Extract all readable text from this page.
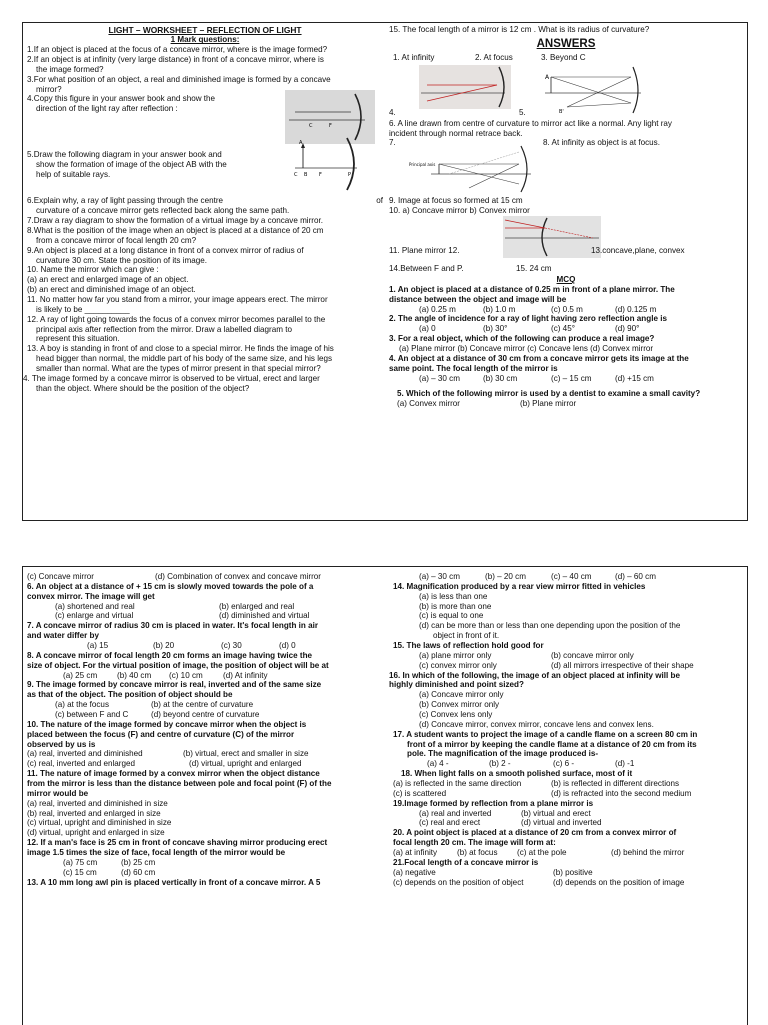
LIGHT – WORKSHEET – REFLECTION OF LIGHT
1 Mark questions:
1.If an object is placed at the focus of a concave mirror, where is the image formed?
2.If an object is at infinity (very large distance) in front of a concave mirror, where is
the image formed?
3.For what position of an object, a real and diminished image is formed by a concave
mirror?
4.Copy this figure in your answer book and show the
direction of the light ray after reflection :
C	F
5.Draw the following diagram in your answer book and
show the formation of image of the object AB with the
help of suitable rays.
A
C B F	P
6.Explain why, a ray of light passing through the centre	of
curvature of a concave mirror gets reflected back along the same path.
7.Draw a ray diagram to show the formation of a virtual image by a concave mirror.
8.What is the position of the image when an object is placed at a distance of 20 cm
from a concave mirror of focal length 20 cm?
9.An object is placed at a long distance in front of a convex mirror of radius of
curvature 30 cm. State the position of its image.
10. Name the mirror which can give :
(a) an erect and enlarged image of an object.
(b) an erect and diminished image of an object.
11. No matter how far you stand from a mirror, your image appears erect. The mirror
is likely to be __________
12. A ray of light going towards the focus of a convex mirror becomes parallel to the
principal axis after reflection from the mirror. Draw a labelled diagram to
represent this situation.
13. A boy is standing in front of and close to a special mirror. He finds the image of his
head bigger than normal, the middle part of his body of the same size, and his legs
smaller than normal. What are the types of mirror present in that special mirror?
4. The image formed by a concave mirror is observed to be virtual, erect and larger
than the object. Where should be the position of the object?
15. The focal length of a mirror is 12 cm . What is its radius of curvature?
ANSWERS
1. At infinity	2. At focus	3. Beyond C
A
B'
4.	5.
6. A line drawn from centre of curvature to mirror act like a normal. Any light ray
incident through normal retrace back.
7.	8. At infinity as object is at focus.
Principal axis
9. Image at focus so formed at 15 cm
10. a) Concave mirror b) Convex mirror
11. Plane mirror 12.	13.concave,plane, convex
14.Between F and P.	15. 24 cm
MCQ
1. An object is placed at a distance of 0.25 m in front of a plane mirror. The
distance between the object and image will be
(a) 0.25 m	(b) 1.0 m	(c) 0.5 m	(d) 0.125 m
2. The angle of incidence for a ray of light having zero reflection angle is
(a) 0	(b) 30°	(c) 45°	(d) 90°
3. For a real object, which of the following can produce a real image?
(a) Plane mirror (b) Concave mirror (c) Concave lens (d) Convex mirror
4. An object at a distance of 30 cm from a concave mirror gets its image at the
same point. The focal length of the mirror is
(a) – 30 cm	(b) 30 cm	(c) – 15 cm	(d) +15 cm
5. Which of the following mirror is used by a dentist to examine a small cavity?
(a) Convex mirror	(b) Plane mirror
(c) Concave mirror	(d) Combination of convex and concave mirror
6. An object at a distance of + 15 cm is slowly moved towards the pole of a
convex mirror. The image will get
(a) shortened and real	(b) enlarged and real
(c) enlarge and virtual	(d) diminished and virtual
7. A concave mirror of radius 30 cm is placed in water. It's focal length in air
and water differ by
(a) 15	(b) 20	(c) 30	(d) 0
8. A concave mirror of focal length 20 cm forms an image having twice the
size of object. For the virtual position of image, the position of object will be at
(a) 25 cm	(b) 40 cm	(c) 10 cm	(d) At infinity
9. The image formed by concave mirror is real, inverted and of the same size
as that of the object. The position of object should be
(a) at the focus	(b) at the centre of curvature
(c) between F and C	(d) beyond centre of curvature
10. The nature of the image formed by concave mirror when the object is
placed between the focus (F) and centre of curvature (C) of the mirror
observed by us is
(a) real, inverted and diminished	(b) virtual, erect and smaller in size
(c) real, inverted and enlarged	(d) virtual, upright and enlarged
11. The nature of image formed by a convex mirror when the object distance
from the mirror is less than the distance between pole and focal point (F) of the
mirror would be
(a) real, inverted and diminished in size
(b) real, inverted and enlarged in size
(c) virtual, upright and diminished in size
(d) virtual, upright and enlarged in size
12. If a man's face is 25 cm in front of concave shaving mirror producing erect
image 1.5 times the size of face, focal length of the mirror would be
(a) 75 cm	(b) 25 cm
(c) 15 cm	(d) 60 cm
13. A 10 mm long awl pin is placed vertically in front of a concave mirror. A 5
(a) – 30 cm	(b) – 20 cm	(c) – 40 cm	(d) – 60 cm
14. Magnification produced by a rear view mirror fitted in vehicles
(a) is less than one
(b) is more than one
(c) is equal to one
(d) can be more than or less than one depending upon the position of the
object in front of it.
15. The laws of reflection hold good for
(a) plane mirror only	(b) concave mirror only
(c) convex mirror only	(d) all mirrors irrespective of their shape
16. In which of the following, the image of an object placed at infinity will be
highly diminished and point sized?
(a) Concave mirror only
(b) Convex mirror only
(c) Convex lens only
(d) Concave mirror, convex mirror, concave lens and convex lens.
17. A student wants to project the image of a candle flame on a screen 80 cm in
front of a mirror by keeping the candle flame at a distance of 20 cm from its
pole. The magnification of the image produced is-
(a) 4 -	(b) 2 -	(c) 6 -	(d) -1
18. When light falls on a smooth polished surface, most of it
(a) is reflected in the same direction	(b) is reflected in different directions
(c) is scattered	(d) is refracted into the second medium
19.Image formed by reflection from a plane mirror is
(a) real and inverted	(b) virtual and erect
(c) real and erect	(d) virtual and inverted
20. A point object is placed at a distance of 20 cm from a convex mirror of
focal length 20 cm. The image will form at:
(a) at infinity	(b) at focus	(c) at the pole	(d) behind the mirror
21.Focal length of a concave mirror is
(a) negative	(b) positive
(c) depends on the position of object	(d) depends on the position of image
